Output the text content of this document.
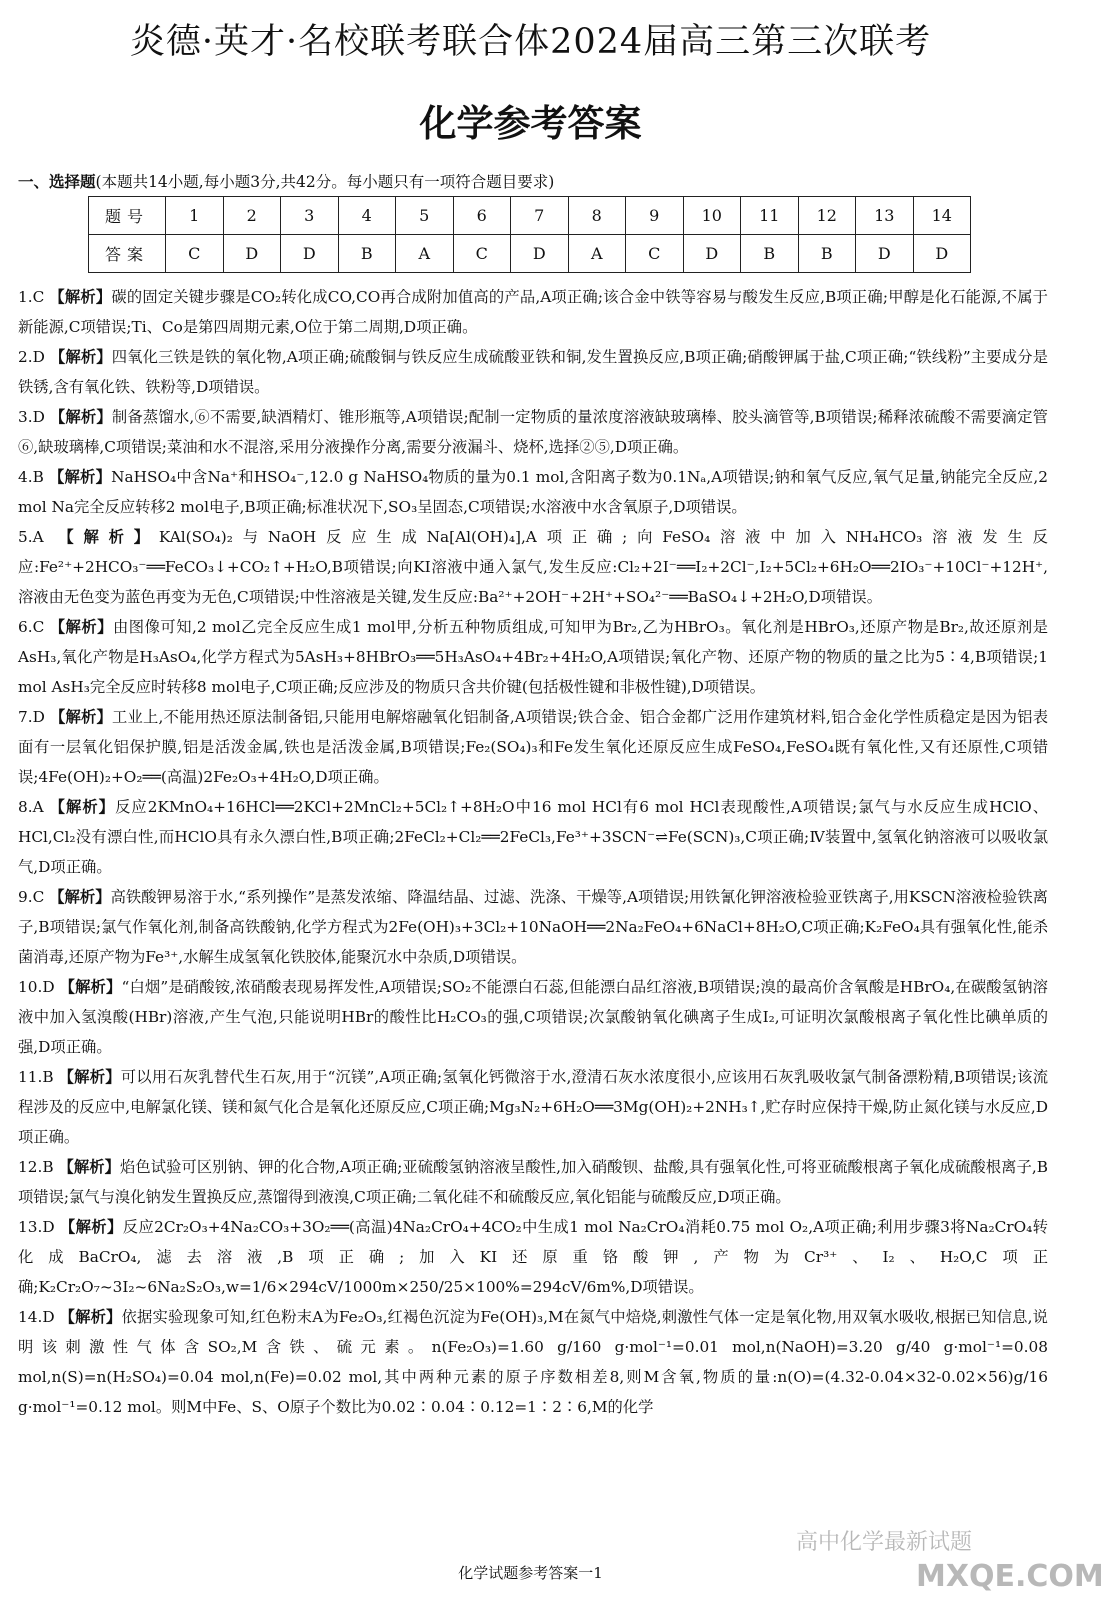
炎德·英才·名校联考联合体2024届高三第三次联考
化学参考答案
一、选择题(本题共14小题,每小题3分,共42分。每小题只有一项符合题目要求)
题号	1	2	3	4	5	6	7	8	9	10	11	12	13	14
答案	C	D	D	B	A	C	D	A	C	D	B	B	D	D
1.C 【解析】碳的固定关键步骤是CO₂转化成CO,CO再合成附加值高的产品,A项正确;该合金中铁等容易与酸发生反应,B项正确;甲醇是化石能源,不属于新能源,C项错误;Ti、Co是第四周期元素,O位于第二周期,D项正确。
2.D 【解析】四氧化三铁是铁的氧化物,A项正确;硫酸铜与铁反应生成硫酸亚铁和铜,发生置换反应,B项正确;硝酸钾属于盐,C项正确;“铁线粉”主要成分是铁锈,含有氧化铁、铁粉等,D项错误。
3.D 【解析】制备蒸馏水,⑥不需要,缺酒精灯、锥形瓶等,A项错误;配制一定物质的量浓度溶液缺玻璃棒、胶头滴管等,B项错误;稀释浓硫酸不需要滴定管⑥,缺玻璃棒,C项错误;菜油和水不混溶,采用分液操作分离,需要分液漏斗、烧杯,选择②⑤,D项正确。
4.B 【解析】NaHSO₄中含Na⁺和HSO₄⁻,12.0 g NaHSO₄物质的量为0.1 mol,含阳离子数为0.1Nₐ,A项错误;钠和氧气反应,氧气足量,钠能完全反应,2 mol Na完全反应转移2 mol电子,B项正确;标准状况下,SO₃呈固态,C项错误;水溶液中水含氧原子,D项错误。
5.A 【解析】KAl(SO₄)₂与NaOH反应生成Na[Al(OH)₄],A项正确;向FeSO₄溶液中加入NH₄HCO₃溶液发生反应:Fe²⁺+2HCO₃⁻══FeCO₃↓+CO₂↑+H₂O,B项错误;向KI溶液中通入氯气,发生反应:Cl₂+2I⁻══I₂+2Cl⁻,I₂+5Cl₂+6H₂O══2IO₃⁻+10Cl⁻+12H⁺,溶液由无色变为蓝色再变为无色,C项错误;中性溶液是关键,发生反应:Ba²⁺+2OH⁻+2H⁺+SO₄²⁻══BaSO₄↓+2H₂O,D项错误。
6.C 【解析】由图像可知,2 mol乙完全反应生成1 mol甲,分析五种物质组成,可知甲为Br₂,乙为HBrO₃。氧化剂是HBrO₃,还原产物是Br₂,故还原剂是AsH₃,氧化产物是H₃AsO₄,化学方程式为5AsH₃+8HBrO₃══5H₃AsO₄+4Br₂+4H₂O,A项错误;氧化产物、还原产物的物质的量之比为5∶4,B项错误;1 mol AsH₃完全反应时转移8 mol电子,C项正确;反应涉及的物质只含共价键(包括极性键和非极性键),D项错误。
7.D 【解析】工业上,不能用热还原法制备铝,只能用电解熔融氧化铝制备,A项错误;铁合金、铝合金都广泛用作建筑材料,铝合金化学性质稳定是因为铝表面有一层氧化铝保护膜,铝是活泼金属,铁也是活泼金属,B项错误;Fe₂(SO₄)₃和Fe发生氧化还原反应生成FeSO₄,FeSO₄既有氧化性,又有还原性,C项错误;4Fe(OH)₂+O₂══(高温)2Fe₂O₃+4H₂O,D项正确。
8.A 【解析】反应2KMnO₄+16HCl══2KCl+2MnCl₂+5Cl₂↑+8H₂O中16 mol HCl有6 mol HCl表现酸性,A项错误;氯气与水反应生成HClO、HCl,Cl₂没有漂白性,而HClO具有永久漂白性,B项正确;2FeCl₂+Cl₂══2FeCl₃,Fe³⁺+3SCN⁻⇌Fe(SCN)₃,C项正确;Ⅳ装置中,氢氧化钠溶液可以吸收氯气,D项正确。
9.C 【解析】高铁酸钾易溶于水,“系列操作”是蒸发浓缩、降温结晶、过滤、洗涤、干燥等,A项错误;用铁氰化钾溶液检验亚铁离子,用KSCN溶液检验铁离子,B项错误;氯气作氧化剂,制备高铁酸钠,化学方程式为2Fe(OH)₃+3Cl₂+10NaOH══2Na₂FeO₄+6NaCl+8H₂O,C项正确;K₂FeO₄具有强氧化性,能杀菌消毒,还原产物为Fe³⁺,水解生成氢氧化铁胶体,能聚沉水中杂质,D项错误。
10.D 【解析】“白烟”是硝酸铵,浓硝酸表现易挥发性,A项错误;SO₂不能漂白石蕊,但能漂白品红溶液,B项错误;溴的最高价含氧酸是HBrO₄,在碳酸氢钠溶液中加入氢溴酸(HBr)溶液,产生气泡,只能说明HBr的酸性比H₂CO₃的强,C项错误;次氯酸钠氧化碘离子生成I₂,可证明次氯酸根离子氧化性比碘单质的强,D项正确。
11.B 【解析】可以用石灰乳替代生石灰,用于“沉镁”,A项正确;氢氧化钙微溶于水,澄清石灰水浓度很小,应该用石灰乳吸收氯气制备漂粉精,B项错误;该流程涉及的反应中,电解氯化镁、镁和氮气化合是氧化还原反应,C项正确;Mg₃N₂+6H₂O══3Mg(OH)₂+2NH₃↑,贮存时应保持干燥,防止氮化镁与水反应,D项正确。
12.B 【解析】焰色试验可区别钠、钾的化合物,A项正确;亚硫酸氢钠溶液呈酸性,加入硝酸钡、盐酸,具有强氧化性,可将亚硫酸根离子氧化成硫酸根离子,B项错误;氯气与溴化钠发生置换反应,蒸馏得到液溴,C项正确;二氧化硅不和硫酸反应,氧化铝能与硫酸反应,D项正确。
13.D 【解析】反应2Cr₂O₃+4Na₂CO₃+3O₂══(高温)4Na₂CrO₄+4CO₂中生成1 mol Na₂CrO₄消耗0.75 mol O₂,A项正确;利用步骤3将Na₂CrO₄转化成BaCrO₄,滤去溶液,B项正确;加入KI还原重铬酸钾,产物为Cr³⁺、I₂、H₂O,C项正确;K₂Cr₂O₇~3I₂~6Na₂S₂O₃,w=1/6×294cV/1000m×250/25×100%=294cV/6m%,D项错误。
14.D 【解析】依据实验现象可知,红色粉末A为Fe₂O₃,红褐色沉淀为Fe(OH)₃,M在氮气中焙烧,刺激性气体一定是氧化物,用双氧水吸收,根据已知信息,说明该刺激性气体含SO₂,M含铁、硫元素。n(Fe₂O₃)=1.60 g/160 g·mol⁻¹=0.01 mol,n(NaOH)=3.20 g/40 g·mol⁻¹=0.08 mol,n(S)=n(H₂SO₄)=0.04 mol,n(Fe)=0.02 mol,其中两种元素的原子序数相差8,则M含氧,物质的量:n(O)=(4.32-0.04×32-0.02×56)g/16 g·mol⁻¹=0.12 mol。则M中Fe、S、O原子个数比为0.02∶0.04∶0.12=1∶2∶6,M的化学
高中化学最新试题
MXQE.COM
化学试题参考答案一1
